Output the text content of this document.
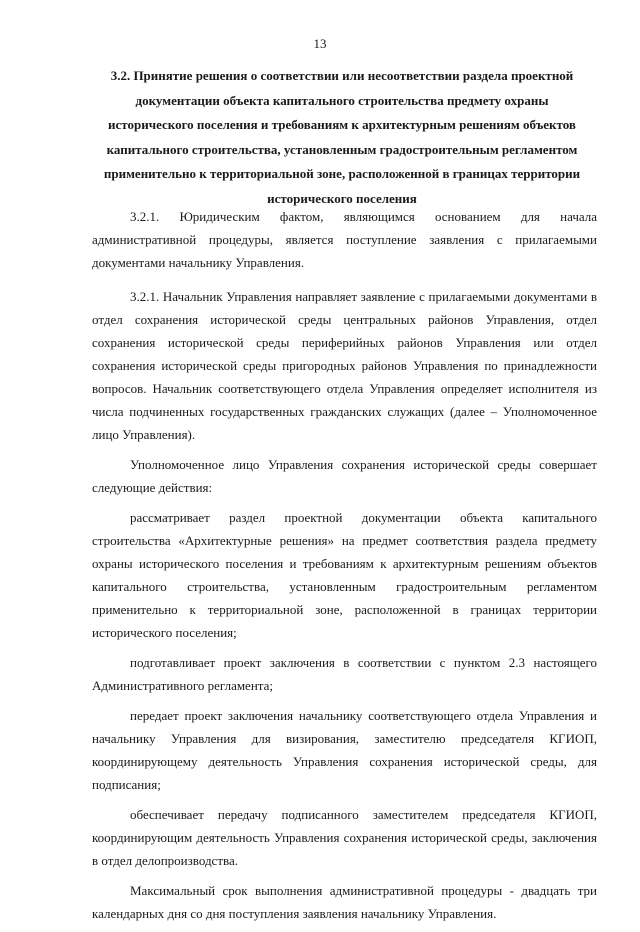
13
3.2. Принятие решения о соответствии или несоответствии раздела проектной документации объекта капитального строительства предмету охраны исторического поселения и требованиям к архитектурным решениям объектов капитального строительства, установленным градостроительным регламентом применительно к территориальной зоне, расположенной в границах территории исторического поселения

3.2.1. Юридическим фактом, являющимся основанием для начала административной процедуры, является поступление заявления с прилагаемыми документами начальнику Управления.

3.2.1. Начальник Управления направляет заявление с прилагаемыми документами в отдел сохранения исторической среды центральных районов Управления, отдел сохранения исторической среды периферийных районов Управления или отдел сохранения исторической среды пригородных районов Управления по принадлежности вопросов. Начальник соответствующего отдела Управления определяет исполнителя из числа подчиненных государственных гражданских служащих (далее – Уполномоченное лицо Управления).

Уполномоченное лицо Управления сохранения исторической среды совершает следующие действия:

рассматривает раздел проектной документации объекта капитального строительства «Архитектурные решения» на предмет соответствия раздела предмету охраны исторического поселения и требованиям к архитектурным решениям объектов капитального строительства, установленным градостроительным регламентом применительно к территориальной зоне, расположенной в границах территории исторического поселения;

подготавливает проект заключения в соответствии с пунктом 2.3 настоящего Административного регламента;

передает проект заключения начальнику соответствующего отдела Управления и начальнику Управления для визирования, заместителю председателя КГИОП, координирующему деятельность Управления сохранения исторической среды, для подписания;

обеспечивает передачу подписанного заместителем председателя КГИОП, координирующим деятельность Управления сохранения исторической среды, заключения в отдел делопроизводства.

Максимальный срок выполнения административной процедуры - двадцать три календарных дня со дня поступления заявления начальнику Управления.
